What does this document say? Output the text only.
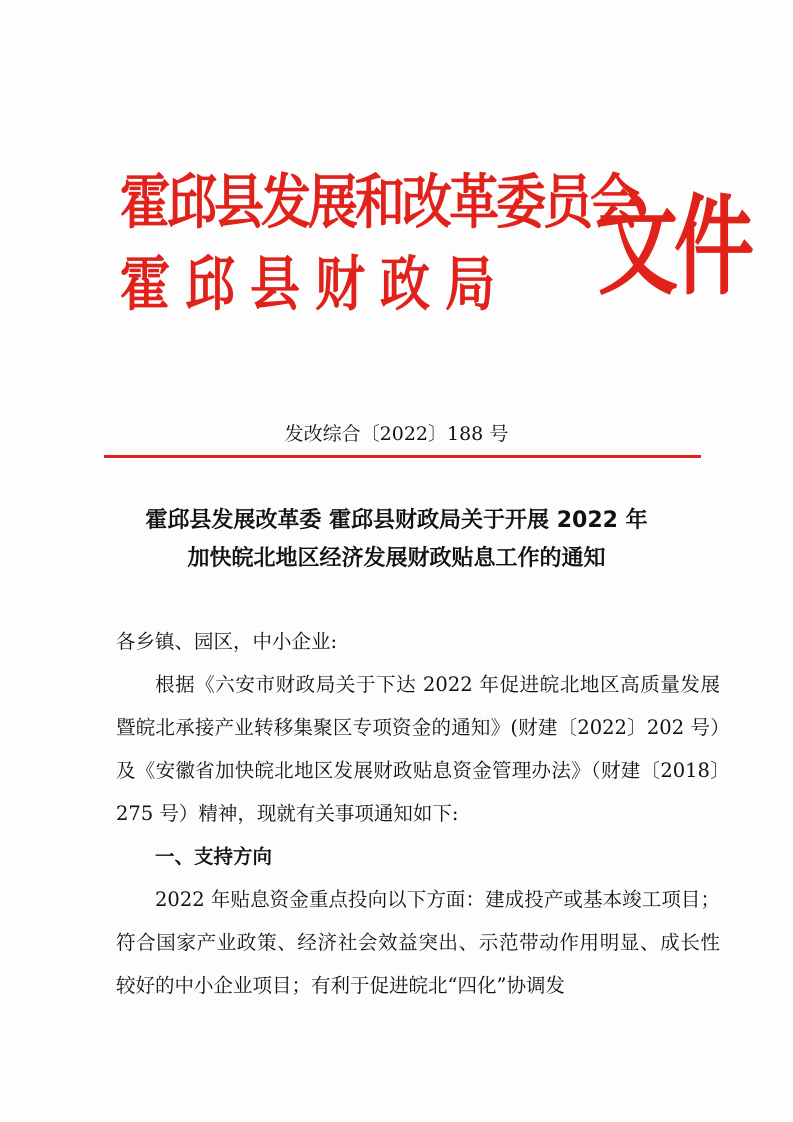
霍邱县发展和改革委员会
霍邱县财政局	文件
发改综合〔2022〕188 号
霍邱县发展改革委 霍邱县财政局关于开展 2022 年
加快皖北地区经济发展财政贴息工作的通知

各乡镇、园区，中小企业:

根据《六安市财政局关于下达 2022 年促进皖北地区高质量发展暨皖北承接产业转移集聚区专项资金的通知》(财建〔2022〕202 号）及《安徽省加快皖北地区发展财政贴息资金管理办法》（财建〔2018〕275 号）精神，现就有关事项通知如下:

一、支持方向

2022 年贴息资金重点投向以下方面：建成投产或基本竣工项目；符合国家产业政策、经济社会效益突出、示范带动作用明显、成长性较好的中小企业项目；有利于促进皖北“四化”协调发
